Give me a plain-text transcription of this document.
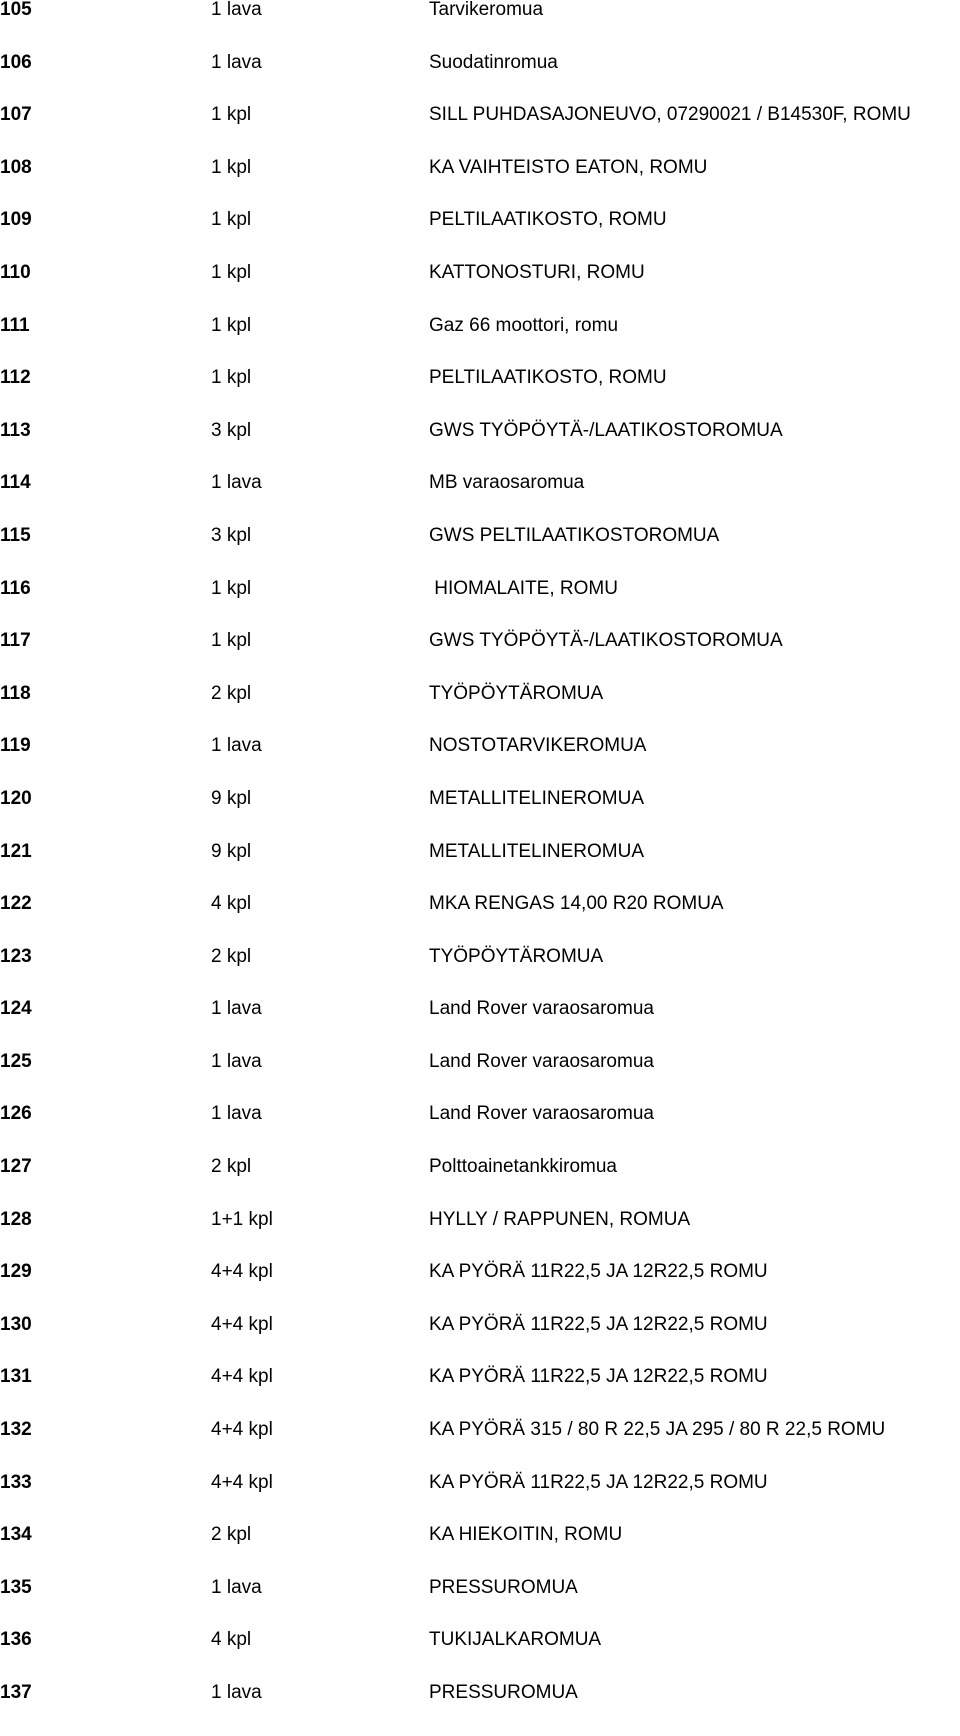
105	1 lava	Tarvikeromua
106	1 lava	Suodatinromua
107	1 kpl	SILL PUHDASAJONEUVO, 07290021 / B14530F, ROMU
108	1 kpl	KA VAIHTEISTO EATON, ROMU
109	1 kpl	PELTILAATIKOSTO, ROMU
110	1 kpl	KATTONOSTURI, ROMU
111	1 kpl	Gaz 66 moottori, romu
112	1 kpl	PELTILAATIKOSTO, ROMU
113	3 kpl	GWS TYÖPÖYTÄ-/LAATIKOSTOROMUA
114	1 lava	MB varaosaromua
115	3 kpl	GWS PELTILAATIKOSTOROMUA
116	1 kpl	HIOMALAITE, ROMU
117	1 kpl	GWS TYÖPÖYTÄ-/LAATIKOSTOROMUA
118	2 kpl	TYÖPÖYTÄROMUA
119	1 lava	NOSTOTARVIKEROMUA
120	9 kpl	METALLITELINEROMUA
121	9 kpl	METALLITELINEROMUA
122	4 kpl	MKA RENGAS 14,00 R20 ROMUA
123	2 kpl	TYÖPÖYTÄROMUA
124	1 lava	Land Rover varaosaromua
125	1 lava	Land Rover varaosaromua
126	1 lava	Land Rover varaosaromua
127	2 kpl	Polttoainetankkiromua
128	1+1 kpl	HYLLY / RAPPUNEN, ROMUA
129	4+4 kpl	KA PYÖRÄ 11R22,5 JA 12R22,5 ROMU
130	4+4 kpl	KA PYÖRÄ 11R22,5 JA 12R22,5 ROMU
131	4+4 kpl	KA PYÖRÄ 11R22,5 JA 12R22,5 ROMU
132	4+4 kpl	KA PYÖRÄ 315 / 80 R 22,5 JA 295 / 80 R 22,5 ROMU
133	4+4 kpl	KA PYÖRÄ 11R22,5 JA 12R22,5 ROMU
134	2 kpl	KA HIEKOITIN, ROMU
135	1 lava	PRESSUROMUA
136	4 kpl	TUKIJALKAROMUA
137	1 lava	PRESSUROMUA
